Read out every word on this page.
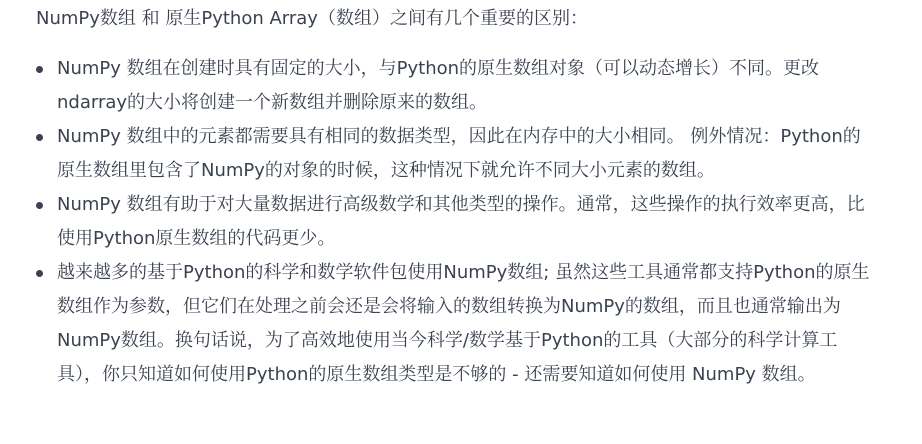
NumPy数组 和 原生Python Array（数组）之间有几个重要的区别：

NumPy 数组在创建时具有固定的大小，与Python的原生数组对象（可以动态增长）不同。更改ndarray的大小将创建一个新数组并删除原来的数组。
NumPy 数组中的元素都需要具有相同的数据类型，因此在内存中的大小相同。 例外情况：Python的原生数组里包含了NumPy的对象的时候，这种情况下就允许不同大小元素的数组。
NumPy 数组有助于对大量数据进行高级数学和其他类型的操作。通常，这些操作的执行效率更高，比使用Python原生数组的代码更少。
越来越多的基于Python的科学和数学软件包使用NumPy数组; 虽然这些工具通常都支持Python的原生数组作为参数，但它们在处理之前会还是会将输入的数组转换为NumPy的数组，而且也通常输出为NumPy数组。换句话说，为了高效地使用当今科学/数学基于Python的工具（大部分的科学计算工具），你只知道如何使用Python的原生数组类型是不够的 - 还需要知道如何使用 NumPy 数组。
